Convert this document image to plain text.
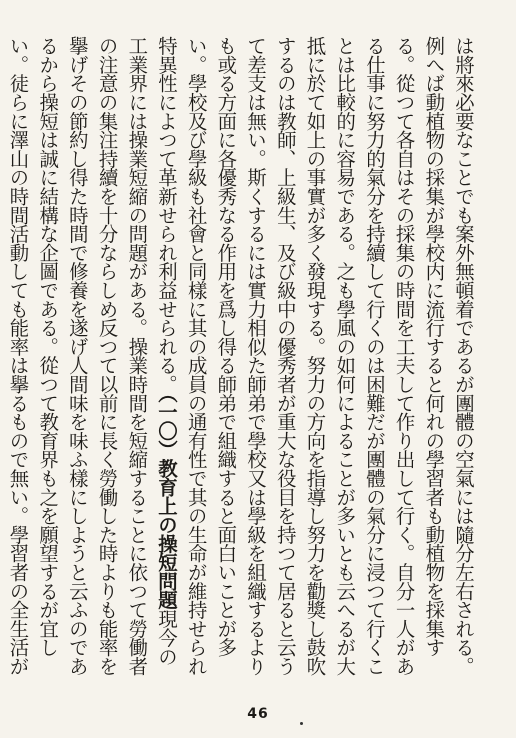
は將來必要なことでも案外無頓着であるが團體の空氣には隨分左右される。例へば動植物の採集が學校内に流行すると何れの學習者も動植物を採集する。從つて各自はその採集の時間を工夫して作り出して行く。自分一人がある仕事に努力的氣分を持續して行くのは困難だが團體の氣分に浸つて行くことは比較的に容易である。之も學風の如何によることが多いとも云へるが大抵に於て如上の事實が多く發現する。努力の方向を指導し努力を勸獎し鼓吹するのは教師、上級生、及び級中の優秀者が重大な役目を持つて居ると云うて差支は無い。斯くするには實力相似た師弟で學校又は學級を組織するよりも或る方面に各優秀なる作用を爲し得る師弟で組織すると面白いことが多い。學校及び學級も社會と同樣に其の成員の通有性で其の生命が維持せられ特異性によつて革新せられ利益せられる。（一〇）教育上の操短問題現今の工業界には操業短縮の問題がある。操業時間を短縮することに依つて勞働者の注意の集注持續を十分ならしめ反つて以前に長く勞働した時よりも能率を擧げその節約し得た時間で修養を遂げ人間味を味ふ樣にしようと云ふのであるから操短は誠に結構な企圖である。從つて教育界も之を願望するが宜しい。徒らに澤山の時間活動しても能率は擧るもので無い。學習者の全生活が
46
